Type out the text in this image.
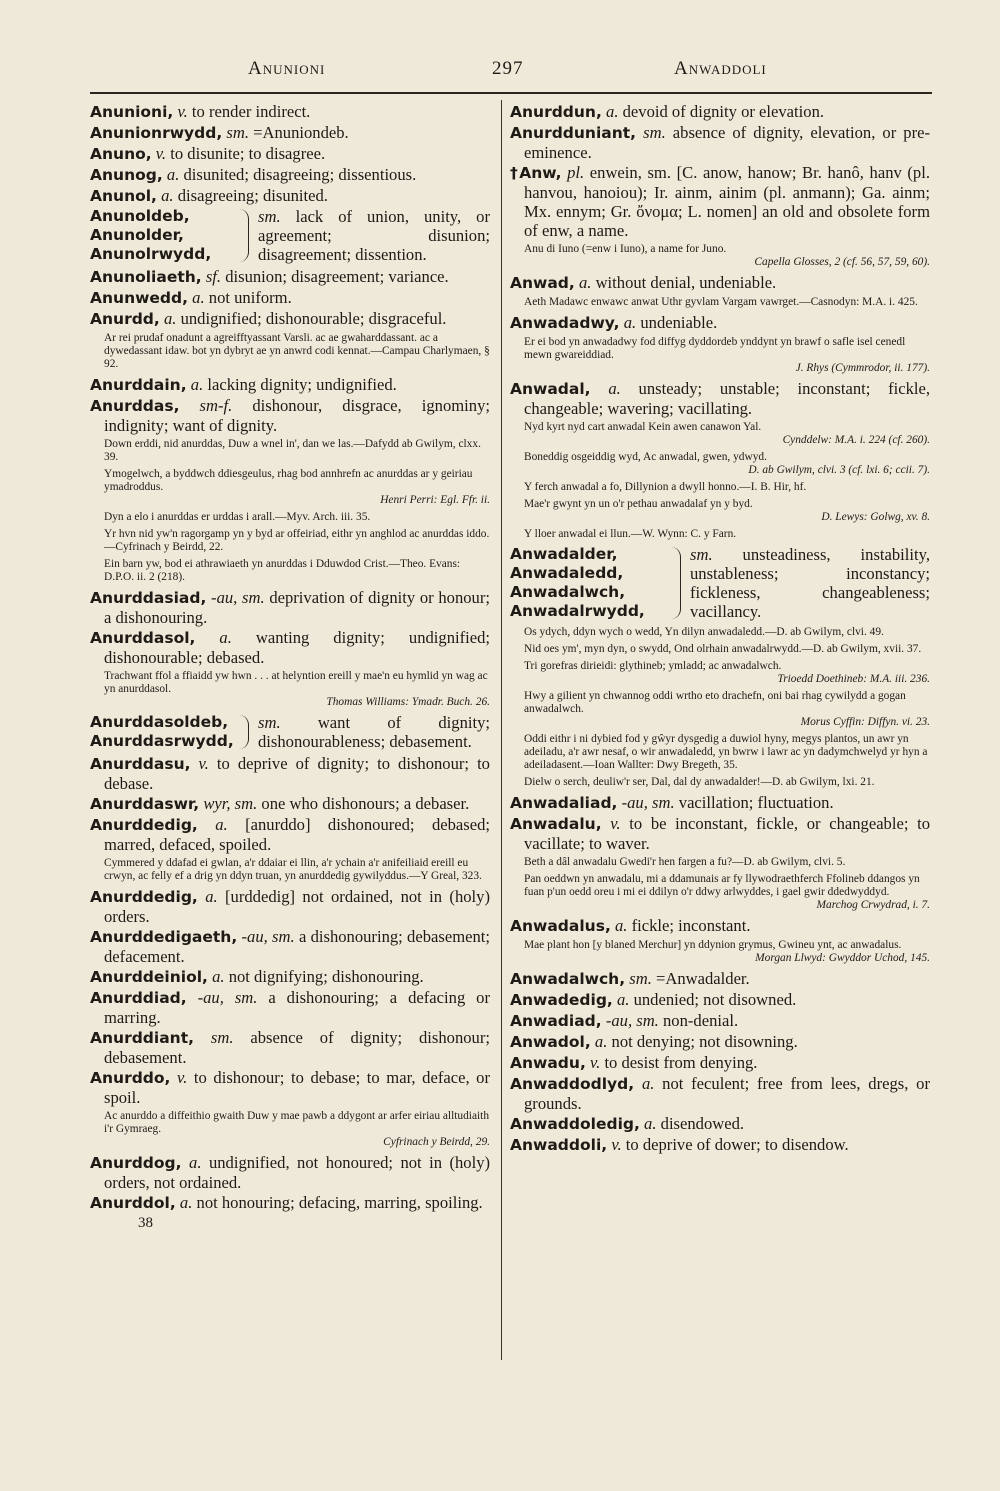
Anunioni	297	Anwaddoli
Anunioni, v. to render indirect.
Anunionrwydd, sm. =Anuniondeb.
Anuno, v. to disunite; to disagree.
Anunog, a. disunited; disagreeing; dissentious.
Anunol, a. disagreeing; disunited.
Anunoldeb,
Anunolder,
Anunolrwydd,
sm. lack of union, unity, or agreement; disunion; disagreement; dissention.
Anunoliaeth, sf. disunion; disagreement; variance.
Anunwedd, a. not uniform.
Anurdd, a. undignified; dishonourable; disgraceful.
Ar rei prudaf onadunt a agreifftyassant Varsli. ac ae gwaharddassant. ac a dywedassant idaw. bot yn dybryt ae yn anwrd codi kennat.—Campau Charlymaen, § 92.
Anurddain, a. lacking dignity; undignified.
Anurddas, sm-f. dishonour, disgrace, ignominy; indignity; want of dignity.
Down erddi, nid anurddas, Duw a wnel in', dan we las.—Dafydd ab Gwilym, clxx. 39.
Ymogelwch, a byddwch ddiesgeulus, rhag bod annhrefn ac anurddas ar y geiriau ymadroddus.
Henri Perri: Egl. Ffr. ii.
Dyn a elo i anurddas er urddas i arall.—Myv. Arch. iii. 35.
Yr hvn nid yw'n ragorgamp yn y byd ar offeiriad, eithr yn anghlod ac anurddas iddo.—Cyfrinach y Beirdd, 22.
Ein barn yw, bod ei athrawiaeth yn anurddas i Dduwdod Crist.—Theo. Evans: D.P.O. ii. 2 (218).
Anurddasiad, -au, sm. deprivation of dignity or honour; a dishonouring.
Anurddasol, a. wanting dignity; undignified; dishonourable; debased.
Trachwant ffol a ffiaidd yw hwn . . . at helyntion ereill y mae'n eu hymlid yn wag ac yn anurddasol.
Thomas Williams: Ymadr. Buch. 26.
Anurddasoldeb,
Anurddasrwydd,
sm. want of dignity; dishonourableness; debasement.
Anurddasu, v. to deprive of dignity; to dishonour; to debase.
Anurddaswr, wyr, sm. one who dishonours; a debaser.
Anurddedig, a. [anurddo] dishonoured; debased; marred, defaced, spoiled.
Cymmered y ddafad ei gwlan, a'r ddaiar ei llin, a'r ychain a'r anifeiliaid ereill eu crwyn, ac felly ef a drig yn ddyn truan, yn anurddedig gywilyddus.—Y Greal, 323.
Anurddedig, a. [urddedig] not ordained, not in (holy) orders.
Anurddedigaeth, -au, sm. a dishonouring; debasement; defacement.
Anurddeiniol, a. not dignifying; dishonouring.
Anurddiad, -au, sm. a dishonouring; a defacing or marring.
Anurddiant, sm. absence of dignity; dishonour; debasement.
Anurddo, v. to dishonour; to debase; to mar, deface, or spoil.
Ac anurddo a diffeithio gwaith Duw y mae pawb a ddygont ar arfer eiriau alltudiaith i'r Gymraeg.
Cyfrinach y Beirdd, 29.
Anurddog, a. undignified, not honoured; not in (holy) orders, not ordained.
Anurddol, a. not honouring; defacing, marring, spoiling.
38
Anurddun, a. devoid of dignity or elevation.
Anurdduniant, sm. absence of dignity, elevation, or pre-eminence.
†Anw, pl. enwein, sm. [C. anow, hanow; Br. hanô, hanv (pl. hanvou, hanoiou); Ir. ainm, ainim (pl. anmann); Ga. ainm; Mx. ennym; Gr. ὄνομα; L. nomen] an old and obsolete form of enw, a name.
Anu di Iuno (=enw i Iuno), a name for Juno.
Capella Glosses, 2 (cf. 56, 57, 59, 60).
Anwad, a. without denial, undeniable.
Aeth Madawc enwawc anwat Uthr gyvlam Vargam vawrget.—Casnodyn: M.A. i. 425.
Anwadadwy, a. undeniable.
Er ei bod yn anwadadwy fod diffyg dyddordeb ynddynt yn brawf o safle isel cenedl mewn gwareiddiad.
J. Rhys (Cymmrodor, ii. 177).
Anwadal, a. unsteady; unstable; inconstant; fickle, changeable; wavering; vacillating.
Nyd kyrt nyd cart anwadal Kein awen canawon Yal.
Cynddelw: M.A. i. 224 (cf. 260).
Boneddig osgeiddig wyd, Ac anwadal, gwen, ydwyd.
D. ab Gwilym, clvi. 3 (cf. lxi. 6; ccii. 7).
Y ferch anwadal a fo, Dillynion a dwyll honno.—I. B. Hir, hf.
Mae'r gwynt yn un o'r pethau anwadalaf yn y byd.
D. Lewys: Golwg, xv. 8.
Y lloer anwadal ei llun.—W. Wynn: C. y Farn.
Anwadalder,
Anwadaledd,
Anwadalwch,
Anwadalrwydd,
sm. unsteadiness, instability, unstableness; inconstancy; fickleness, changeableness; vacillancy.
Os ydych, ddyn wych o wedd, Yn dilyn anwadaledd.—D. ab Gwilym, clvi. 49.
Nid oes ym', myn dyn, o swydd, Ond olrhain anwadalrwydd.—D. ab Gwilym, xvii. 37.
Tri gorefras dirieidi: glythineb; ymladd; ac anwadalwch.
Trioedd Doethineb: M.A. iii. 236.
Hwy a gilient yn chwannog oddi wrtho eto drachefn, oni bai rhag cywilydd a gogan anwadalwch.
Morus Cyffin: Diffyn. vi. 23.
Oddi eithr i ni dybied fod y gŵyr dysgedig a duwiol hyny, megys plantos, un awr yn adeiladu, a'r awr nesaf, o wir anwadaledd, yn bwrw i lawr ac yn dadymchwelyd yr hyn a adeiladasent.—Ioan Wallter: Dwy Bregeth, 35.
Dielw o serch, deuliw'r ser, Dal, dal dy anwadalder!—D. ab Gwilym, lxi. 21.
Anwadaliad, -au, sm. vacillation; fluctuation.
Anwadalu, v. to be inconstant, fickle, or changeable; to vacillate; to waver.
Beth a dâl anwadalu Gwedi'r hen fargen a fu?—D. ab Gwilym, clvi. 5.
Pan oeddwn yn anwadalu, mi a ddamunais ar fy llywodraethferch Ffolineb ddangos yn fuan p'un oedd oreu i mi ei ddilyn o'r ddwy arlwyddes, i gael gwir ddedwyddyd.
Marchog Crwydrad, i. 7.
Anwadalus, a. fickle; inconstant.
Mae plant hon [y blaned Merchur] yn ddynion grymus, Gwineu ynt, ac anwadalus.
Morgan Llwyd: Gwyddor Uchod, 145.
Anwadalwch, sm. =Anwadalder.
Anwadedig, a. undenied; not disowned.
Anwadiad, -au, sm. non-denial.
Anwadol, a. not denying; not disowning.
Anwadu, v. to desist from denying.
Anwaddodlyd, a. not feculent; free from lees, dregs, or grounds.
Anwaddoledig, a. disendowed.
Anwaddoli, v. to deprive of dower; to disendow.
